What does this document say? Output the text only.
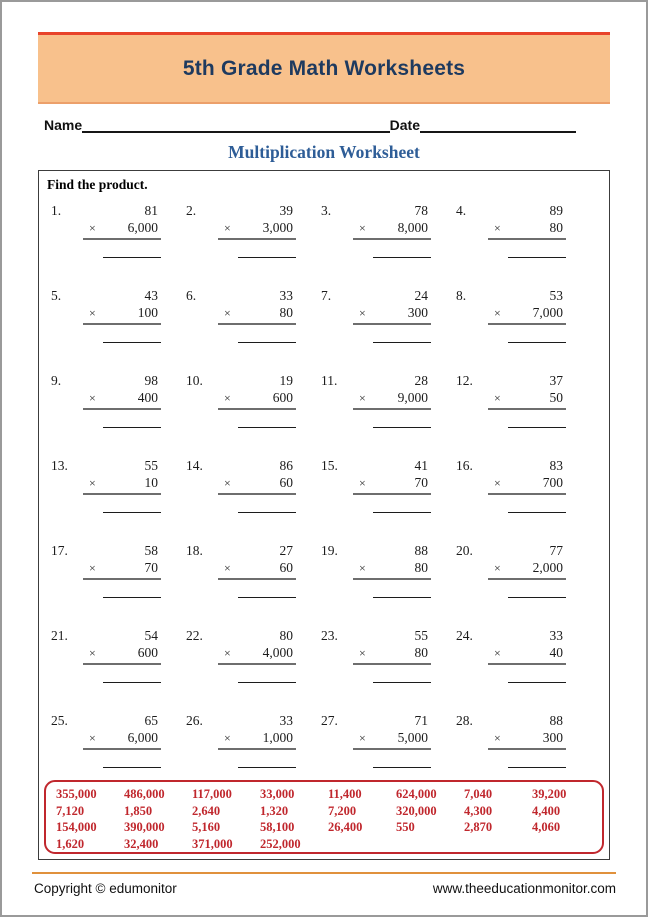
5th Grade Math Worksheets
Name	Date
Multiplication Worksheet
Find the product.
1.	81
× 6,000
2.	39
× 3,000
3.	78
× 8,000
4.	89
×	80
5.	43
×	100
6.	33
×	80
7.	24
×	300
8.	53
× 7,000
9.	98
×	400
10.	19
×	600
11.	28
× 9,000
12.	37
×	50
13.	55
×	10
14.	86
×	60
15.	41
×	70
16.	83
×	700
17.	58
×	70
18.	27
×	60
19.	88
×	80
20.	77
× 2,000
21.	54
×	600
22.	80
× 4,000
23.	55
×	80
24.	33
×	40
25.	65
× 6,000
26.	33
× 1,000
27.	71
× 5,000
28.	88
×	300
355,000	486,000	117,000	33,000	11,400	624,000	7,040	39,200
7,120	1,850	2,640	1,320	7,200	320,000	4,300	4,400
154,000	390,000	5,160	58,100	26,400	550	2,870	4,060
1,620	32,400	371,000	252,000
Copyright © edumonitor	www.theeducationmonitor.com
